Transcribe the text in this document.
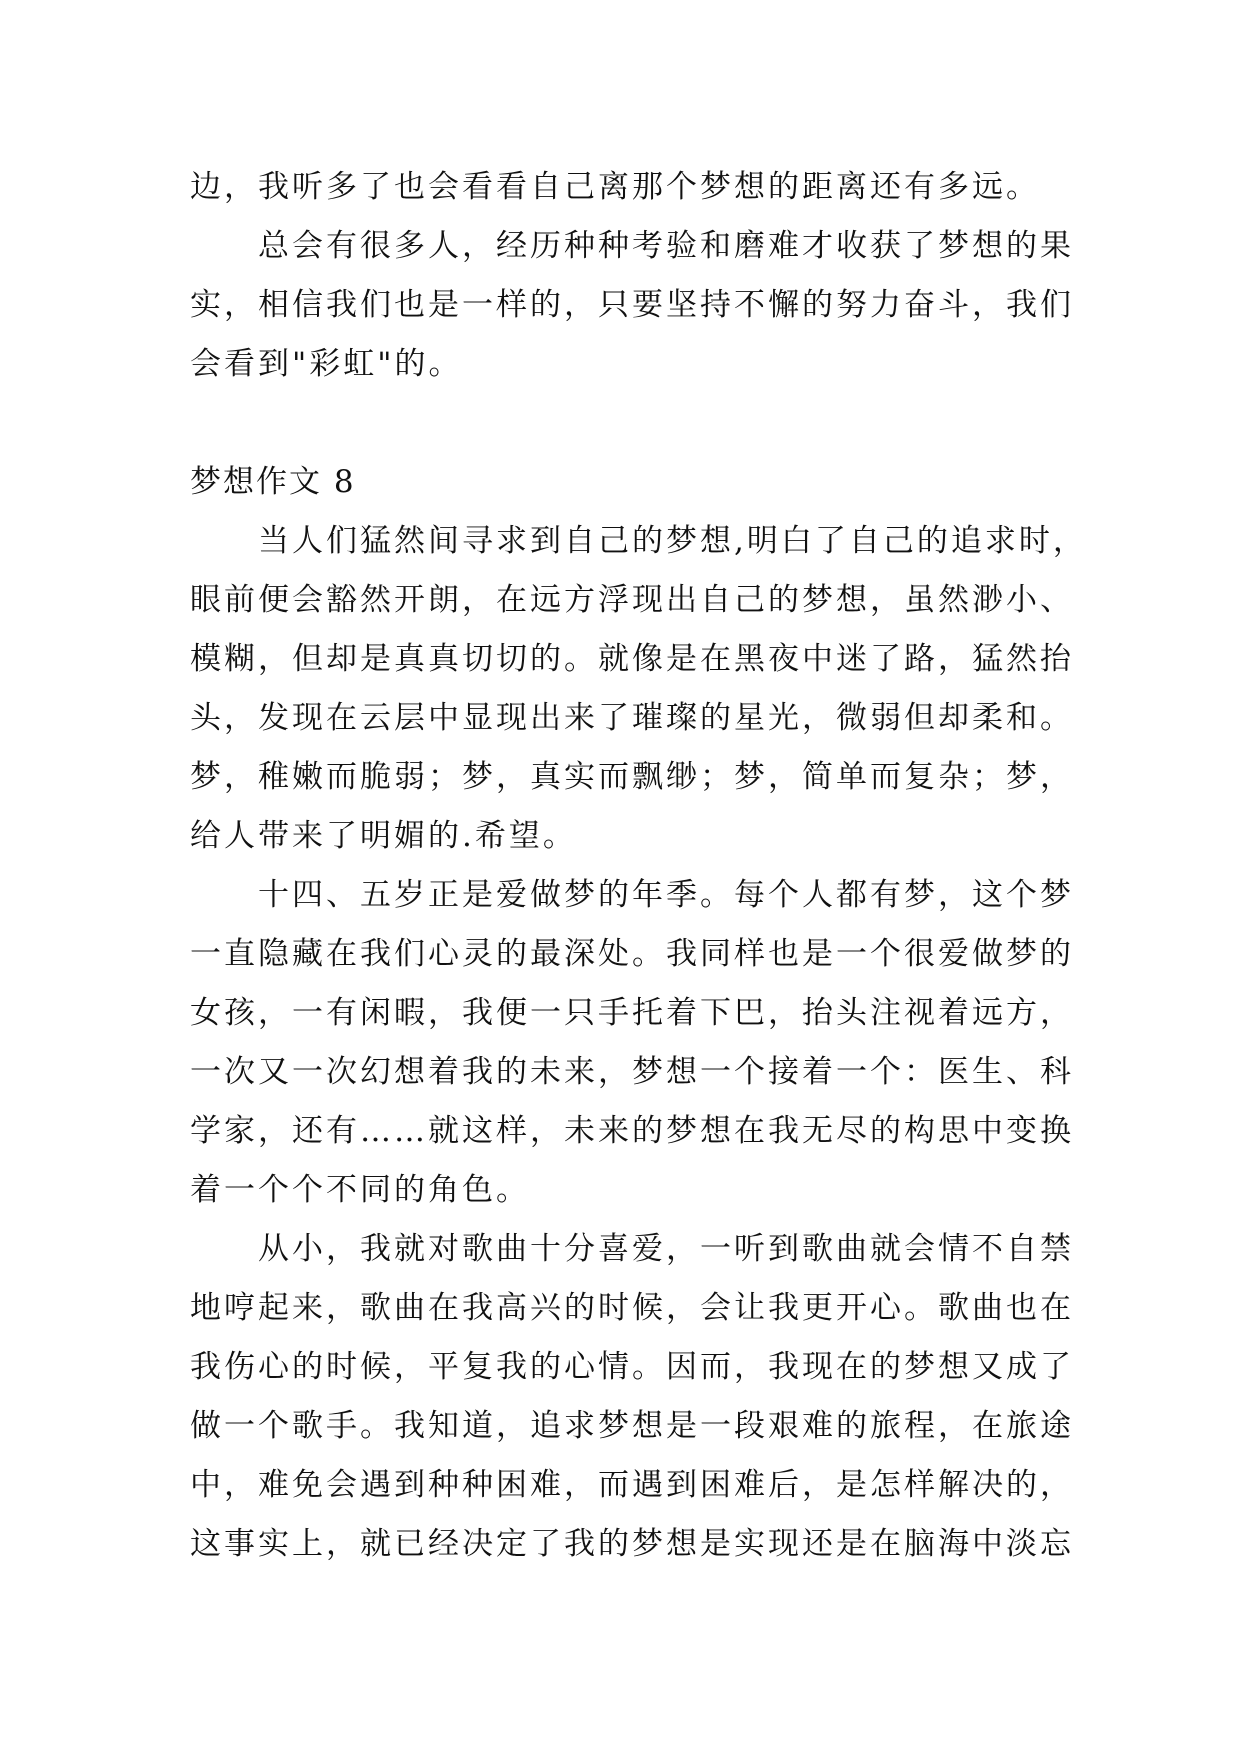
边，我听多了也会看看自己离那个梦想的距离还有多远。
总会有很多人，经历种种考验和磨难才收获了梦想的果
实，相信我们也是一样的，只要坚持不懈的努力奋斗，我们
会看到"彩虹"的。
梦想作文 8
当人们猛然间寻求到自己的梦想,明白了自己的追求时，
眼前便会豁然开朗，在远方浮现出自己的梦想，虽然渺小、
模糊，但却是真真切切的。就像是在黑夜中迷了路，猛然抬
头，发现在云层中显现出来了璀璨的星光，微弱但却柔和。
梦，稚嫩而脆弱；梦，真实而飘缈；梦，简单而复杂；梦，
给人带来了明媚的.希望。
十四、五岁正是爱做梦的年季。每个人都有梦，这个梦
一直隐藏在我们心灵的最深处。我同样也是一个很爱做梦的
女孩，一有闲暇，我便一只手托着下巴，抬头注视着远方，
一次又一次幻想着我的未来，梦想一个接着一个：医生、科
学家，还有……就这样，未来的梦想在我无尽的构思中变换
着一个个不同的角色。
从小，我就对歌曲十分喜爱，一听到歌曲就会情不自禁
地哼起来，歌曲在我高兴的时候，会让我更开心。歌曲也在
我伤心的时候，平复我的心情。因而，我现在的梦想又成了
做一个歌手。我知道，追求梦想是一段艰难的旅程，在旅途
中，难免会遇到种种困难，而遇到困难后，是怎样解决的，
这事实上，就已经决定了我的梦想是实现还是在脑海中淡忘
